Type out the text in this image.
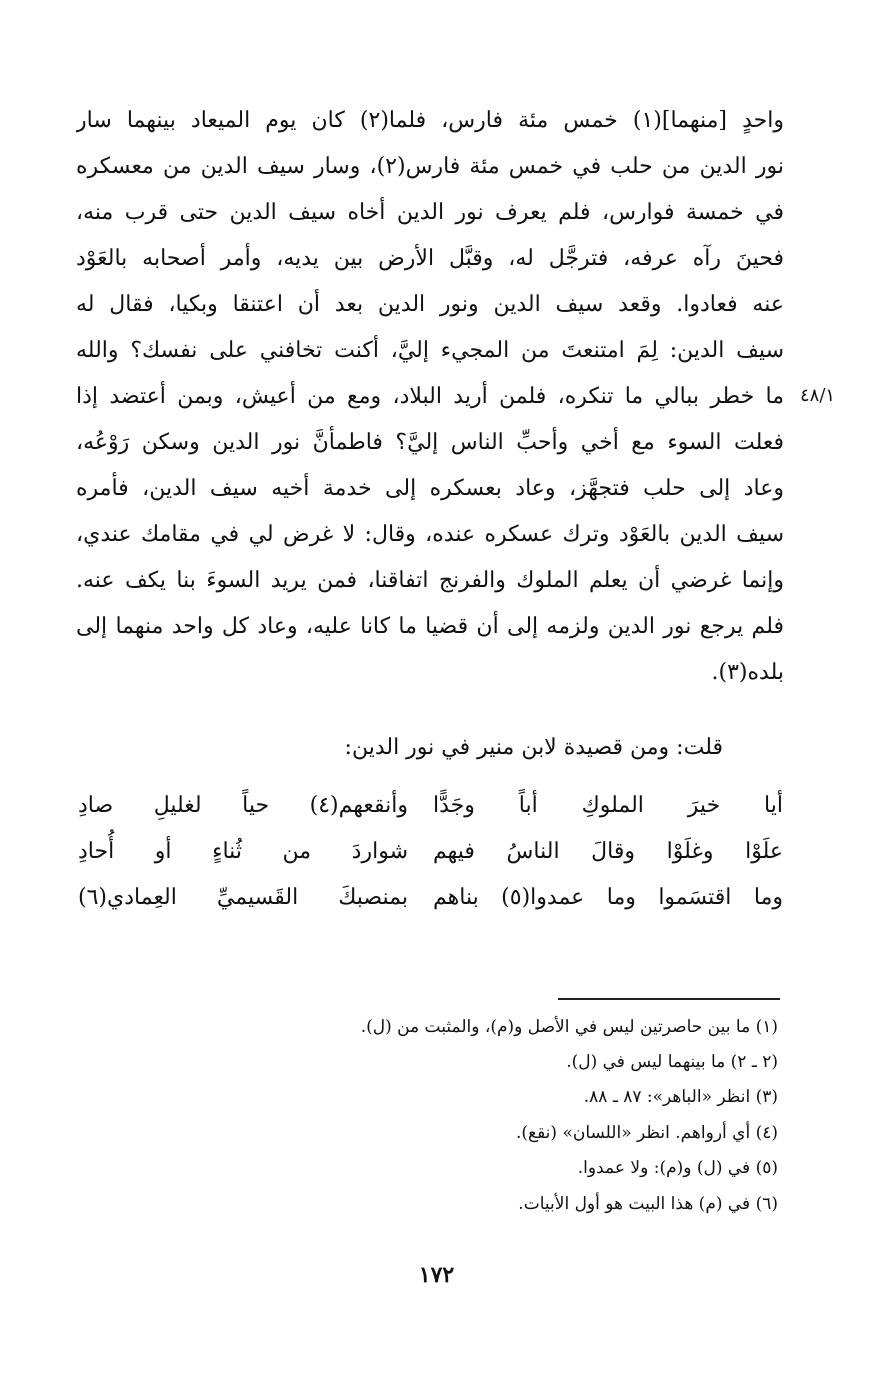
٤٨/١
واحدٍ [منهما](١) خمس مئة فارس، فلما(٢) كان يوم الميعاد بينهما سار
نور الدين من حلب في خمس مئة فارس(٢)، وسار سيف الدين من معسكره
في خمسة فوارس، فلم يعرف نور الدين أخاه سيف الدين حتى قرب منه،
فحينَ رآه عرفه، فترجَّل له، وقبَّل الأرض بين يديه، وأمر أصحابه بالعَوْد
عنه فعادوا. وقعد سيف الدين ونور الدين بعد أن اعتنقا وبكيا، فقال له
سيف الدين: لِمَ امتنعتَ من المجيء إليَّ، أكنت تخافني على نفسك؟ والله
ما خطر ببالي ما تنكره، فلمن أريد البلاد، ومع من أعيش، وبمن أعتضد إذا
فعلت السوء مع أخي وأحبِّ الناس إليَّ؟ فاطمأنَّ نور الدين وسكن رَوْعُه،
وعاد إلى حلب فتجهَّز، وعاد بعسكره إلى خدمة أخيه سيف الدين، فأمره
سيف الدين بالعَوْد وترك عسكره عنده، وقال: لا غرض لي في مقامك عندي،
وإنما غرضي أن يعلم الملوك والفرنج اتفاقنا، فمن يريد السوءَ بنا يكف عنه.
فلم يرجع نور الدين ولزمه إلى أن قضيا ما كانا عليه، وعاد كل واحد منهما إلى
بلده(٣).
قلت: ومن قصيدة لابن منير في نور الدين:
أيا خيرَ الملوكِ أباً وجَدًّا
وأنقعهم(٤) حياً لغليلِ صادِ
علَوْا وغلَوْا وقالَ الناسُ فيهم
شواردَ من ثُناءٍ أو أُحادِ
وما اقتسَموا وما عمدوا(٥) بناهم
بمنصبكَ القَسيميِّ العِمادي(٦)
(١) ما بين حاصرتين ليس في الأصل و(م)، والمثبت من (ل).
(٢ ـ ٢) ما بينهما ليس في (ل).
(٣) انظر «الباهر»: ٨٧ ـ ٨٨.
(٤) أي أرواهم. انظر «اللسان» (نقع).
(٥) في (ل) و(م): ولا عمدوا.
(٦) في (م) هذا البيت هو أول الأبيات.
١٧٢
